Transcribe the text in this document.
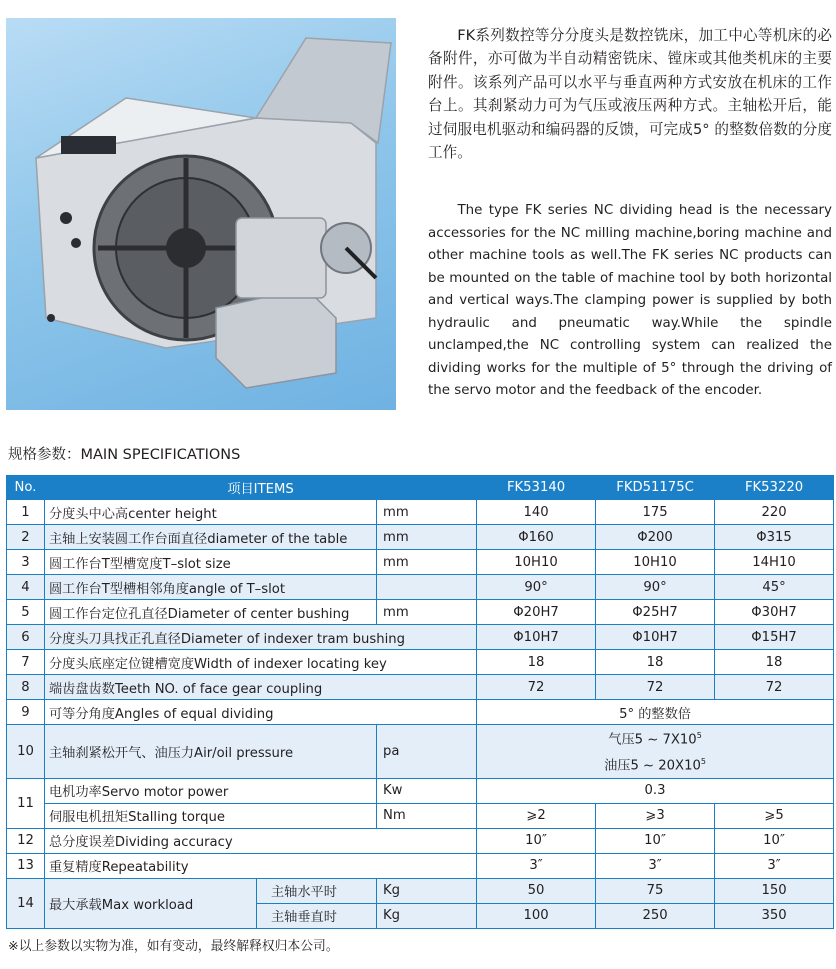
FK系列数控等分分度头是数控铣床，加工中心等机床的必备附件，亦可做为半自动精密铣床、镗床或其他类机床的主要附件。该系列产品可以水平与垂直两种方式安放在机床的工作台上。其刹紧动力可为气压或液压两种方式。主轴松开后，能过伺服电机驱动和编码器的反馈，可完成5° 的整数倍数的分度工作。

The type FK series NC dividing head is the necessary accessories for the NC milling machine,boring machine and other machine tools as well.The FK series NC products can be mounted on the table of machine tool by both horizontal and vertical ways.The clamping power is supplied by both hydraulic and pneumatic way.While the spindle unclamped,the NC controlling system can realized the dividing works for the multiple of 5° through the driving of the servo motor and the feedback of the encoder.

规格参数：MAIN SPECIFICATIONS
No.	项目ITEMS			FK53140	FKD51175C	FK53220
1	分度头中心高center height		mm	140	175	220
2	主轴上安装圆工作台面直径diameter of the table		mm	Φ160	Φ200	Φ315
3	圆工作台T型槽宽度T–slot size		mm	10H10	10H10	14H10
4	圆工作台T型槽相邻角度angle of T–slot			90°	90°	45°
5	圆工作台定位孔直径Diameter of center bushing		mm	Φ20H7	Φ25H7	Φ30H7
6	分度头刀具找正孔直径Diameter of indexer tram bushing			Φ10H7	Φ10H7	Φ15H7
7	分度头底座定位键槽宽度Width of indexer locating key			18	18	18
8	端齿盘齿数Teeth NO. of face gear coupling			72	72	72
9	可等分角度Angles of equal dividing			5° 的整数倍		
10	主轴刹紧松开气、油压力Air/oil pressure		pa	气压5 ~ $7X10^5$
油压5 ~ $20X10^5$

11	电机功率Servo motor power		Kw	0.3		
	伺服电机扭矩Stalling torque		Nm	⩾2	⩾3	⩾5
12	总分度误差Dividing accuracy			10″	10″	10″
13	重复精度Repeatability			3″	3″	3″
14	最大承载Max workload	主轴水平时	Kg	50	75	150
		主轴垂直时	Kg	100	250	350

※以上参数以实物为准，如有变动，最终解释权归本公司。
